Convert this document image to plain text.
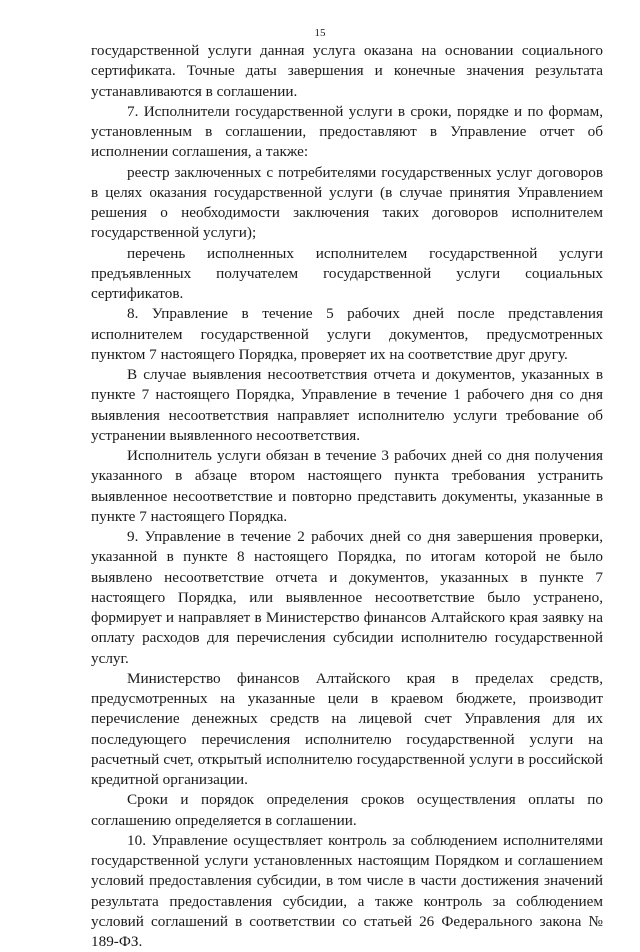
15

государственной услуги данная услуга оказана на основании социального сертификата. Точные даты завершения и конечные значения результата устанавливаются в соглашении.

7. Исполнители государственной услуги в сроки, порядке и по формам, установленным в соглашении, предоставляют в Управление отчет об исполнении соглашения, а также:

реестр заключенных с потребителями государственных услуг договоров в целях оказания государственной услуги (в случае принятия Управлением решения о необходимости заключения таких договоров исполнителем государственной услуги);

перечень исполненных исполнителем государственной услуги предъявленных получателем государственной услуги социальных сертификатов.

8. Управление в течение 5 рабочих дней после представления исполнителем государственной услуги документов, предусмотренных пунктом 7 настоящего Порядка, проверяет их на соответствие друг другу.

В случае выявления несоответствия отчета и документов, указанных в пункте 7 настоящего Порядка, Управление в течение 1 рабочего дня со дня выявления несоответствия направляет исполнителю услуги требование об устранении выявленного несоответствия.

Исполнитель услуги обязан в течение 3 рабочих дней со дня получения указанного в абзаце втором настоящего пункта требования устранить выявленное несоответствие и повторно представить документы, указанные в пункте 7 настоящего Порядка.

9. Управление в течение 2 рабочих дней со дня завершения проверки, указанной в пункте 8 настоящего Порядка, по итогам которой не было выявлено несоответствие отчета и документов, указанных в пункте 7 настоящего Порядка, или выявленное несоответствие было устранено, формирует и направляет в Министерство финансов Алтайского края заявку на оплату расходов для перечисления субсидии исполнителю государственной услуг.

Министерство финансов Алтайского края в пределах средств, предусмотренных на указанные цели в краевом бюджете, производит перечисление денежных средств на лицевой счет Управления для их последующего перечисления исполнителю государственной услуги на расчетный счет, открытый исполнителю государственной услуги в российской кредитной организации.

Сроки и порядок определения сроков осуществления оплаты по соглашению определяется в соглашении.

10. Управление осуществляет контроль за соблюдением исполнителями государственной услуги установленных настоящим Порядком и соглашением условий предоставления субсидии, в том числе в части достижения значений результата предоставления субсидии, а также контроль за соблюдением условий соглашений в соответствии со статьей 26 Федерального закона № 189-ФЗ.
